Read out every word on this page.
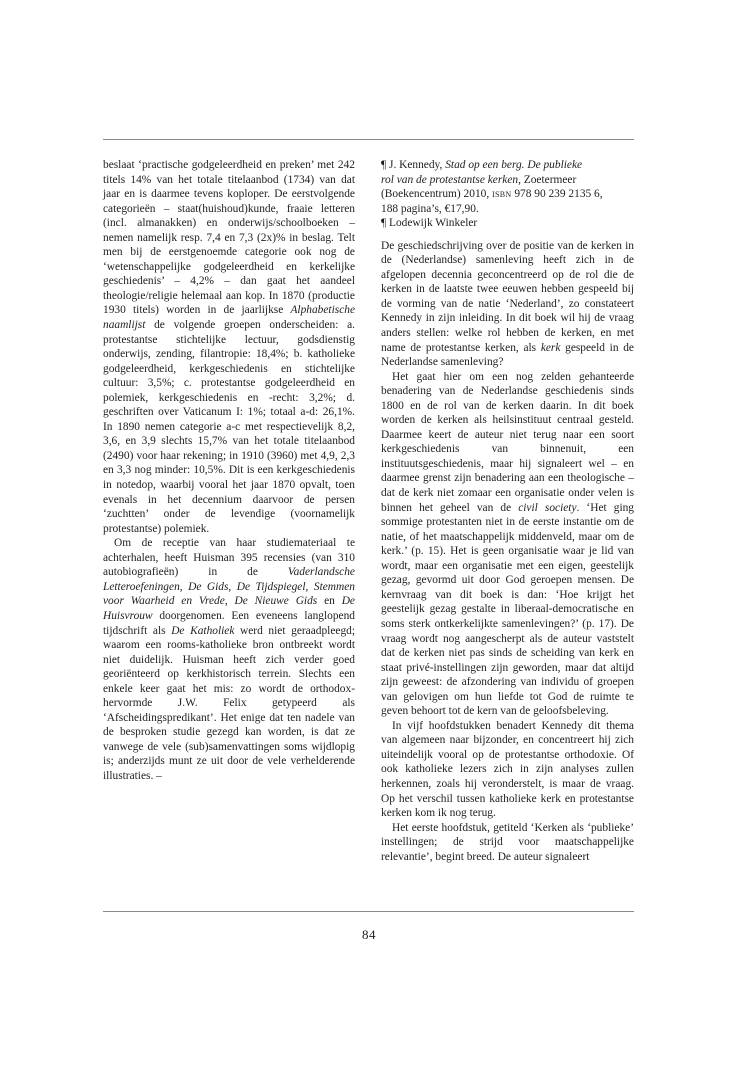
beslaat ‘practische godgeleerdheid en preken’ met 242 titels 14% van het totale titelaanbod (1734) van dat jaar en is daarmee tevens koploper. De eerstvolgende categorieën – staat(huishoud)kunde, fraaie letteren (incl. almanakken) en onderwijs/schoolboeken – nemen namelijk resp. 7,4 en 7,3 (2x)% in beslag. Telt men bij de eerstgenoemde categorie ook nog de ‘wetenschappelijke godgeleerdheid en kerkelijke geschiedenis’ – 4,2% – dan gaat het aandeel theologie/religie helemaal aan kop. In 1870 (productie 1930 titels) worden in de jaarlijkse Alphabetische naamlijst de volgende groepen onderscheiden: a. protestantse stichtelijke lectuur, godsdienstig onderwijs, zending, filantropie: 18,4%; b. katholieke godgeleerdheid, kerkgeschiedenis en stichtelijke cultuur: 3,5%; c. protestantse godgeleerdheid en polemiek, kerkgeschiedenis en -recht: 3,2%; d. geschriften over Vaticanum I: 1%; totaal a-d: 26,1%. In 1890 nemen categorie a-c met respectievelijk 8,2, 3,6, en 3,9 slechts 15,7% van het totale titelaanbod (2490) voor haar rekening; in 1910 (3960) met 4,9, 2,3 en 3,3 nog minder: 10,5%. Dit is een kerkgeschiedenis in notedop, waarbij vooral het jaar 1870 opvalt, toen evenals in het decennium daarvoor de persen ‘zuchtten’ onder de levendige (voornamelijk protestantse) polemiek.

Om de receptie van haar studiemateriaal te achterhalen, heeft Huisman 395 recensies (van 310 autobiografieën) in de Vaderlandsche Letteroefeningen, De Gids, De Tijdspiegel, Stemmen voor Waarheid en Vrede, De Nieuwe Gids en De Huisvrouw doorgenomen. Een eveneens langlopend tijdschrift als De Katholiek werd niet geraadpleegd; waarom een rooms-katholieke bron ontbreekt wordt niet duidelijk. Huisman heeft zich verder goed georiënteerd op kerkhistorisch terrein. Slechts een enkele keer gaat het mis: zo wordt de orthodox-hervormde J.W. Felix getypeerd als ‘Afscheidingspredikant’. Het enige dat ten nadele van de besproken studie gezegd kan worden, is dat ze vanwege de vele (sub)samenvattingen soms wijdlopig is; anderzijds munt ze uit door de vele verhelderende illustraties. –

¶ J. Kennedy, Stad op een berg. De publieke
rol van de protestantse kerken, Zoetermeer
(Boekencentrum) 2010, isbn 978 90 239 2135 6,
188 pagina’s, €17,90.
¶ Lodewijk Winkeler

De geschiedschrijving over de positie van de kerken in de (Nederlandse) samenleving heeft zich in de afgelopen decennia geconcentreerd op de rol die de kerken in de laatste twee eeuwen hebben gespeeld bij de vorming van de natie ‘Nederland’, zo constateert Kennedy in zijn inleiding. In dit boek wil hij de vraag anders stellen: welke rol hebben de kerken, en met name de protestantse kerken, als kerk gespeeld in de Nederlandse samenleving?

Het gaat hier om een nog zelden gehanteerde benadering van de Nederlandse geschiedenis sinds 1800 en de rol van de kerken daarin. In dit boek worden de kerken als heilsinstituut centraal gesteld. Daarmee keert de auteur niet terug naar een soort kerkgeschiedenis van binnenuit, een instituutsgeschiedenis, maar hij signaleert wel – en daarmee grenst zijn benadering aan een theologische – dat de kerk niet zomaar een organisatie onder velen is binnen het geheel van de civil society. ‘Het ging sommige protestanten niet in de eerste instantie om de natie, of het maatschappelijk middenveld, maar om de kerk.’ (p. 15). Het is geen organisatie waar je lid van wordt, maar een organisatie met een eigen, geestelijk gezag, gevormd uit door God geroepen mensen. De kernvraag van dit boek is dan: ‘Hoe krijgt het geestelijk gezag gestalte in liberaal-democratische en soms sterk ontkerkelijkte samenlevingen?’ (p. 17). De vraag wordt nog aangescherpt als de auteur vaststelt dat de kerken niet pas sinds de scheiding van kerk en staat privé-instellingen zijn geworden, maar dat altijd zijn geweest: de afzondering van individu of groepen van gelovigen om hun liefde tot God de ruimte te geven behoort tot de kern van de geloofsbeleving.

In vijf hoofdstukken benadert Kennedy dit thema van algemeen naar bijzonder, en concentreert hij zich uiteindelijk vooral op de protestantse orthodoxie. Of ook katholieke lezers zich in zijn analyses zullen herkennen, zoals hij veronderstelt, is maar de vraag. Op het verschil tussen katholieke kerk en protestantse kerken kom ik nog terug.

Het eerste hoofdstuk, getiteld ‘Kerken als ‘publieke’ instellingen; de strijd voor maatschappelijke relevantie’, begint breed. De auteur signaleert

84
